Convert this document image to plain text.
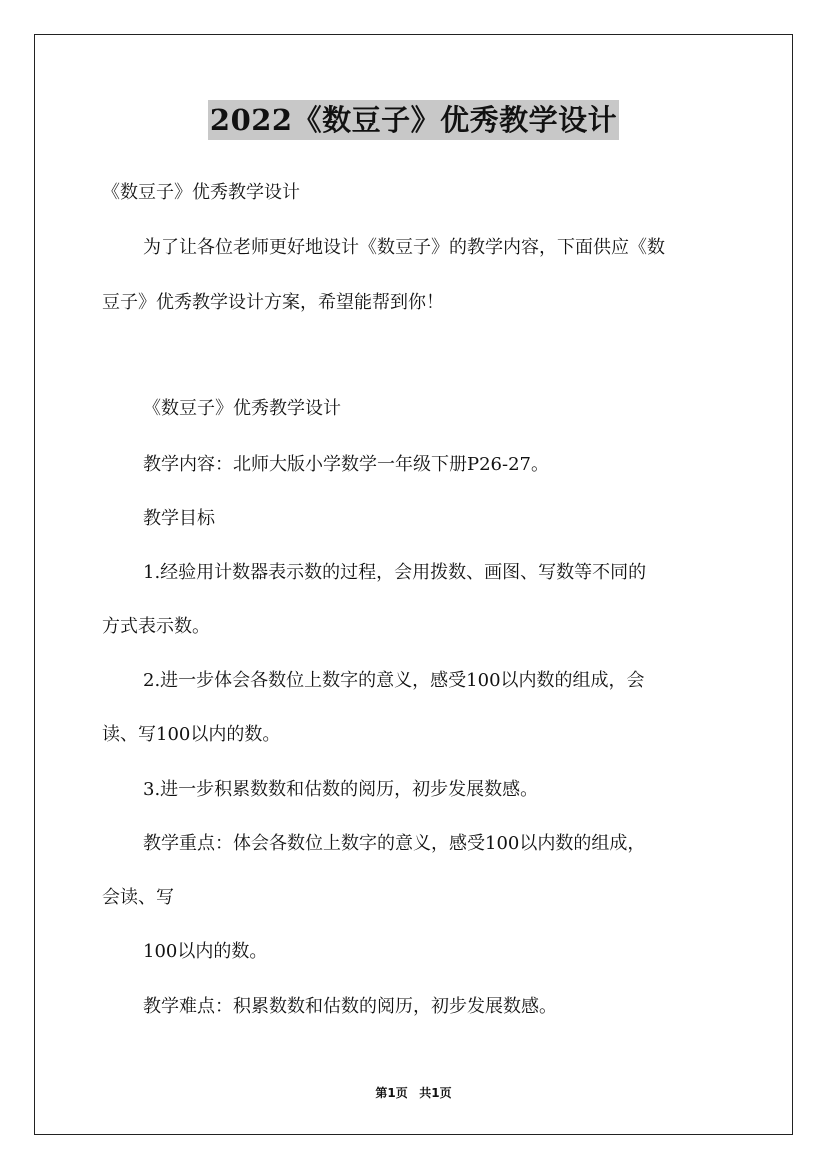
2022《数豆子》优秀教学设计
《数豆子》优秀教学设计
为了让各位老师更好地设计《数豆子》的教学内容，下面供应《数
豆子》优秀教学设计方案，希望能帮到你！
《数豆子》优秀教学设计
教学内容：北师大版小学数学一年级下册P26-27。
教学目标
1.经验用计数器表示数的过程，会用拨数、画图、写数等不同的
方式表示数。
2.进一步体会各数位上数字的意义，感受100以内数的组成，会
读、写100以内的数。
3.进一步积累数数和估数的阅历，初步发展数感。
教学重点：体会各数位上数字的意义，感受100以内数的组成，
会读、写
100以内的数。
教学难点：积累数数和估数的阅历，初步发展数感。
第1页 共1页
